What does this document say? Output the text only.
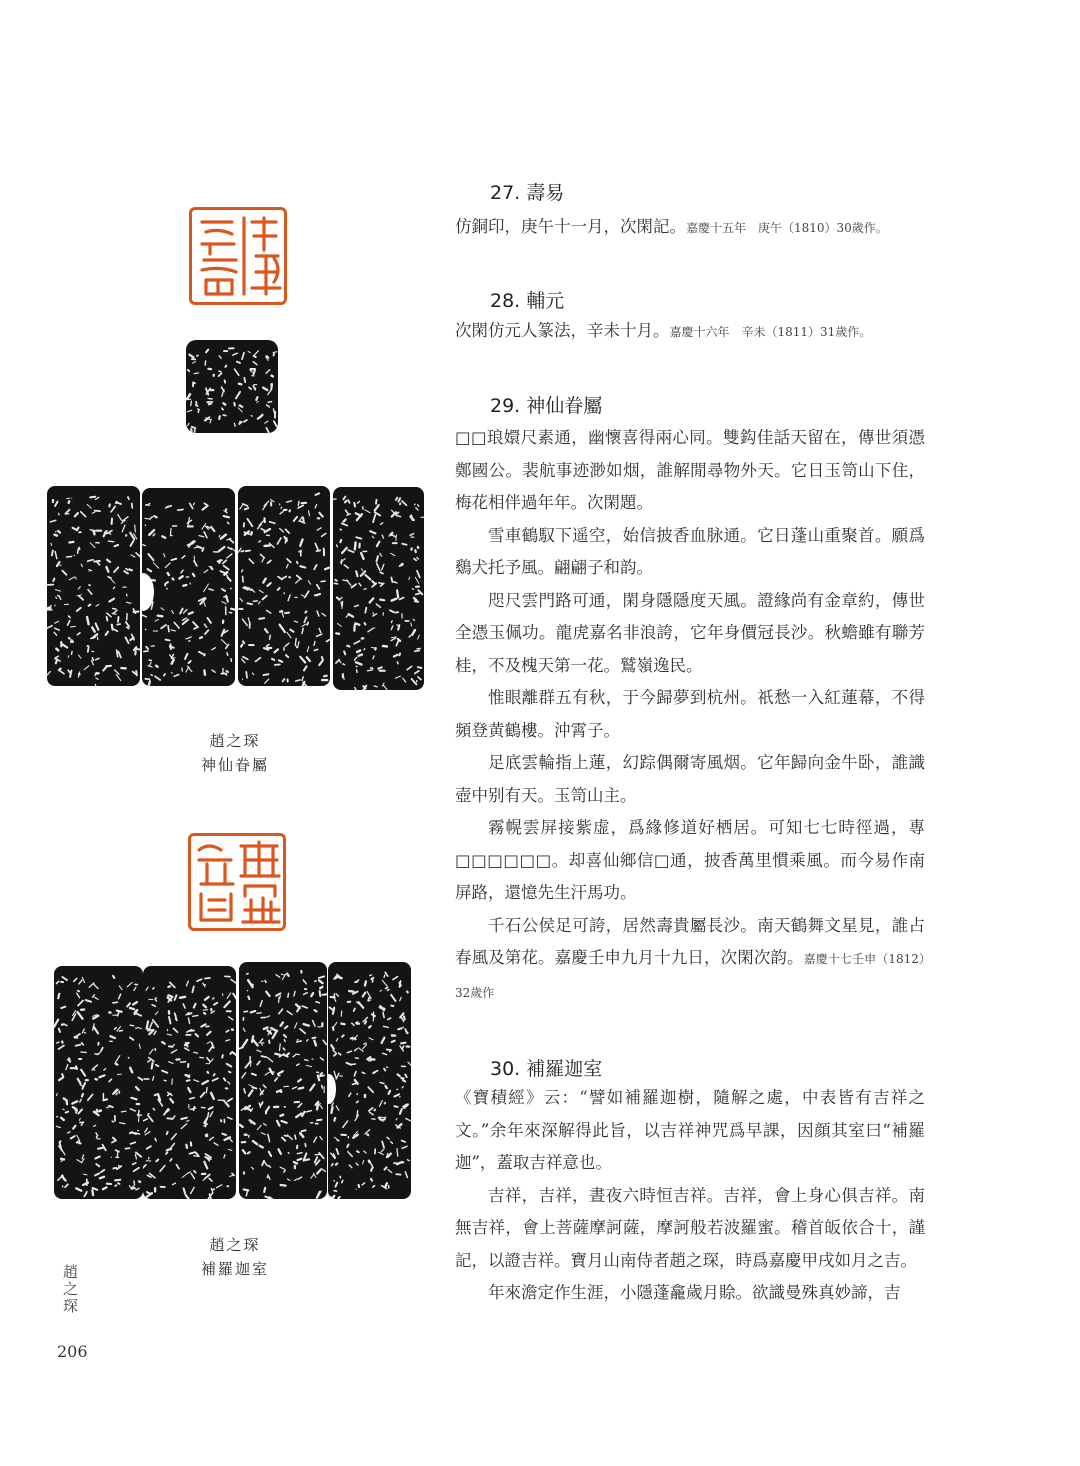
趙之琛
神仙眷屬
趙之琛
補羅迦室
趙之琛
206
27. 壽易
仿銅印，庚午十一月，次閑記。嘉慶十五年　庚午（1810）30歲作。
28. 輔元
次閑仿元人篆法，辛未十月。嘉慶十六年　辛未（1811）31歲作。
29. 神仙眷屬
□□琅嬛尺素通，幽懷喜得兩心同。雙鈎佳話天留在，傳世須憑鄭國公。裴航事迹渺如烟，誰解閒尋物外天。它日玉笥山下住，梅花相伴過年年。次閑題。
雪車鶴馭下遥空，始信披香血脉通。它日蓬山重聚首。願爲鷄犬托予風。翩翩子和韵。
咫尺雲門路可通，閑身隱隱度天風。證緣尚有金章約，傳世全憑玉佩功。龍虎嘉名非浪誇，它年身價冠長沙。秋蟾雖有聯芳桂，不及槐天第一花。鷲嶺逸民。
惟眼離群五有秋，于今歸夢到杭州。祇愁一入紅蓮幕，不得頻登黄鶴樓。沖霄子。
足底雲輪指上蓮，幻踪偶爾寄風烟。它年歸向金牛卧，誰識壺中别有天。玉笥山主。
霧幌雲屏接紫虚，爲緣修道好栖居。可知七七時徑過，專□□□□□□。却喜仙鄉信□通，披香萬里慣乘風。而今易作南屏路，還憶先生汗馬功。
千石公侯足可誇，居然壽貴屬長沙。南天鶴舞文星見，誰占春風及第花。嘉慶壬申九月十九日，次閑次韵。嘉慶十七壬申（1812）32歲作
30. 補羅迦室
《寶積經》云：“譬如補羅迦樹，隨解之處，中表皆有吉祥之文。”余年來深解得此旨，以吉祥神咒爲早課，因顔其室曰“補羅迦”，蓋取吉祥意也。
吉祥，吉祥，晝夜六時恒吉祥。吉祥，會上身心俱吉祥。南無吉祥，會上菩薩摩訶薩，摩訶般若波羅蜜。稽首皈依合十，謹記，以證吉祥。寶月山南侍者趙之琛，時爲嘉慶甲戌如月之吉。
年來澹定作生涯，小隱蓬龕歲月賒。欲識曼殊真妙諦，吉
